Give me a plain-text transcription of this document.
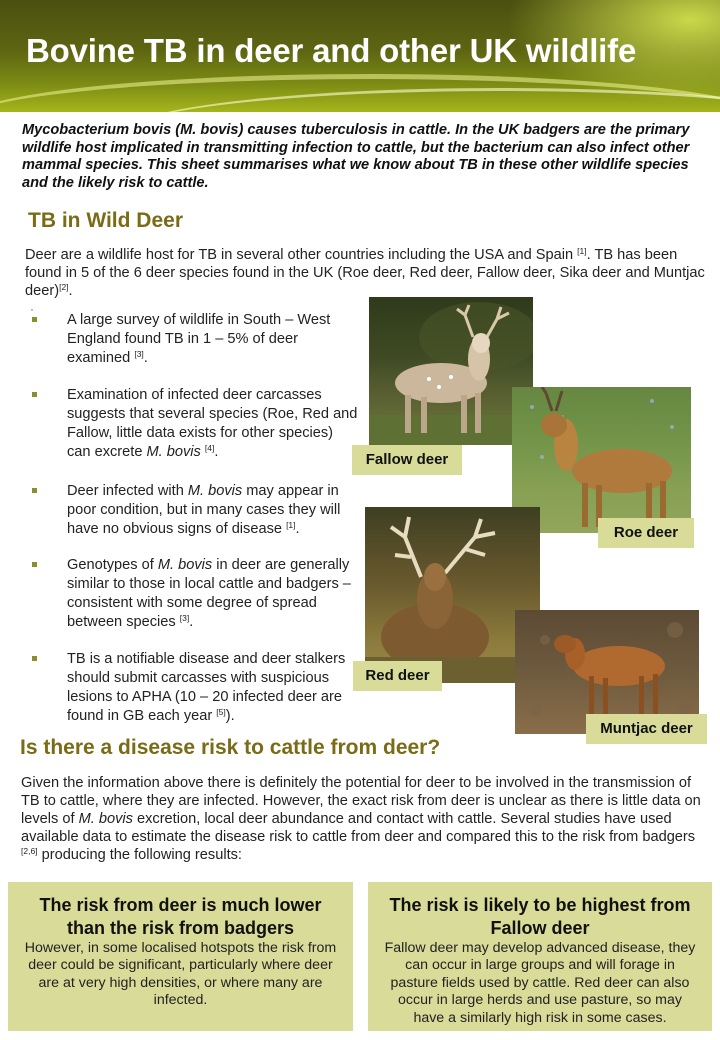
Bovine TB in deer and other UK wildlife
Mycobacterium bovis (M. bovis) causes tuberculosis in cattle. In the UK badgers are the primary wildlife host implicated in transmitting infection to cattle, but the bacterium can also infect other mammal species. This sheet summarises what we know about TB in these other wildlife species and the likely risk to cattle.
TB in Wild Deer
Deer are a wildlife host for TB in several other countries including the USA and Spain [1]. TB has been found in 5 of the 6 deer species found in the UK (Roe deer, Red deer, Fallow deer, Sika deer and Muntjac deer)[2].
·
A large survey of wildlife in South – West England found TB in 1 – 5% of deer examined [3].
Examination of infected deer carcasses suggests that several species (Roe, Red and Fallow, little data exists for other species) can excrete M. bovis [4].
Deer infected with M. bovis may appear in poor condition, but in many cases they will have no obvious signs of disease [1].
Genotypes of M. bovis in deer are generally similar to those in local cattle and badgers – consistent with some degree of spread between species [3].
TB is a notifiable disease and deer stalkers should submit carcasses with suspicious lesions to APHA (10 – 20 infected deer are found in GB each year [5]).
Fallow deer
Roe deer
Red deer
Muntjac deer
Is there a disease risk to cattle from deer?
Given the information above there is definitely the potential for deer to be involved in the transmission of TB to cattle, where they are infected. However, the exact risk from deer is unclear as there is little data on levels of M. bovis excretion, local deer abundance and contact with cattle. Several studies have used available data to estimate the disease risk to cattle from deer and compared this to the risk from badgers [2,6] producing the following results:
The risk from deer is much lower than the risk from badgers
However, in some localised hotspots the risk from deer could be significant, particularly where deer are at very high densities, or where many are infected.
The risk is likely to be highest from Fallow deer
Fallow deer may develop advanced disease, they can occur in large groups and will forage in pasture fields used by cattle. Red deer can also occur in large herds and use pasture, so may have a similarly high risk in some cases.
